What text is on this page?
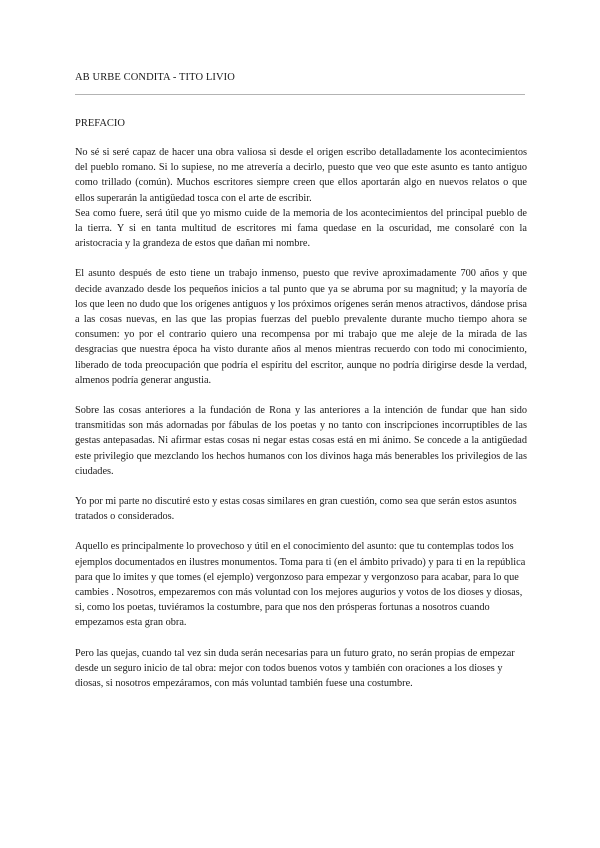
AB URBE CONDITA - TITO LIVIO
PREFACIO

No sé si seré capaz de hacer una obra valiosa si desde el origen escribo detalladamente los acontecimientos del pueblo romano. Si lo supiese, no me atrevería a decirlo, puesto que veo que este asunto es tanto antiguo como trillado (común). Muchos escritores siempre creen que ellos aportarán algo en nuevos relatos o que ellos superarán la antigüedad tosca con el arte de escribir.
Sea como fuere, será útil que yo mismo cuide de la memoria de los acontecimientos del principal pueblo de la tierra. Y si en tanta multitud de escritores mi fama quedase en la oscuridad, me consolaré con la aristocracia y la grandeza de estos que dañan mi nombre.

El asunto después de esto tiene un trabajo inmenso, puesto que revive aproximadamente 700 años y que decide avanzado desde los pequeños inicios a tal punto que ya se abruma por su magnitud; y la mayoría de los que leen no dudo que los orígenes antiguos y los próximos orígenes serán menos atractivos, dándose prisa a las cosas nuevas, en las que las propias fuerzas del pueblo prevalente durante mucho tiempo ahora se consumen: yo por el contrario quiero una recompensa por mi trabajo que me aleje de la mirada de las desgracias que nuestra época ha visto durante años al menos mientras recuerdo con todo mi conocimiento, liberado de toda preocupación que podría el espíritu del escritor, aunque no podría dirigirse desde la verdad, almenos podría generar angustia.

Sobre las cosas anteriores a la fundación de Rona y las anteriores a la intención de fundar que han sido transmitidas son más adornadas por fábulas de los poetas y no tanto con inscripciones incorruptibles de las gestas antepasadas. Ni afirmar estas cosas ni negar estas cosas está en mi ánimo. Se concede a la antigüedad este privilegio que mezclando los hechos humanos con los divinos haga más benerables los privilegios de las ciudades.

Yo por mi parte no discutiré esto y estas cosas similares en gran cuestión, como sea que serán estos asuntos tratados o considerados.

Aquello es principalmente lo provechoso y útil en el conocimiento del asunto: que tu contemplas todos los ejemplos documentados en ilustres monumentos. Toma para ti (en el ámbito privado) y para ti en la república para que lo imites y que tomes (el ejemplo) vergonzoso para empezar y vergonzoso para acabar, para lo que cambies . Nosotros, empezaremos con más voluntad con los mejores augurios y votos de los dioses y diosas, si, como los poetas, tuviéramos la costumbre, para que nos den prósperas fortunas a nosotros cuando empezamos esta gran obra.

Pero las quejas, cuando tal vez sin duda serán necesarias para un futuro grato, no serán propias de empezar desde un seguro inicio de tal obra: mejor con todos buenos votos y también con oraciones a los dioses y diosas, si nosotros empezáramos, con más voluntad también fuese una costumbre.
